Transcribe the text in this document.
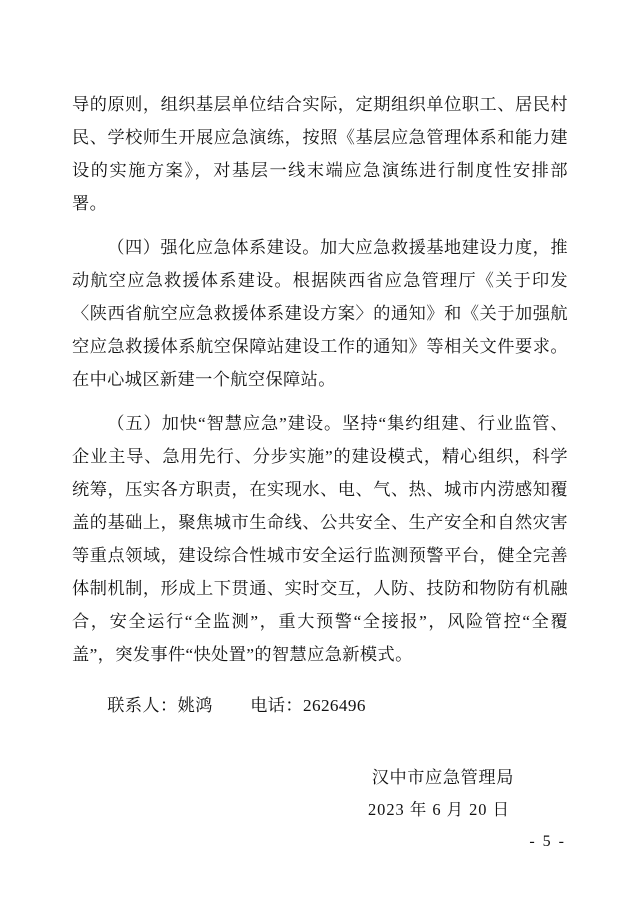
导的原则，组织基层单位结合实际，定期组织单位职工、居民村民、学校师生开展应急演练，按照《基层应急管理体系和能力建设的实施方案》，对基层一线末端应急演练进行制度性安排部署。

（四）强化应急体系建设。加大应急救援基地建设力度，推动航空应急救援体系建设。根据陕西省应急管理厅《关于印发〈陕西省航空应急救援体系建设方案〉的通知》和《关于加强航空应急救援体系航空保障站建设工作的通知》等相关文件要求。在中心城区新建一个航空保障站。

（五）加快“智慧应急”建设。坚持“集约组建、行业监管、企业主导、急用先行、分步实施”的建设模式，精心组织，科学统筹，压实各方职责，在实现水、电、气、热、城市内涝感知覆盖的基础上，聚焦城市生命线、公共安全、生产安全和自然灾害等重点领域，建设综合性城市安全运行监测预警平台，健全完善体制机制，形成上下贯通、实时交互，人防、技防和物防有机融合，安全运行“全监测”，重大预警“全接报”，风险管控“全覆盖”，突发事件“快处置”的智慧应急新模式。

联系人：姚鸿 电话：2626496

汉中市应急管理局
2023 年 6 月 20 日
- 5 -
